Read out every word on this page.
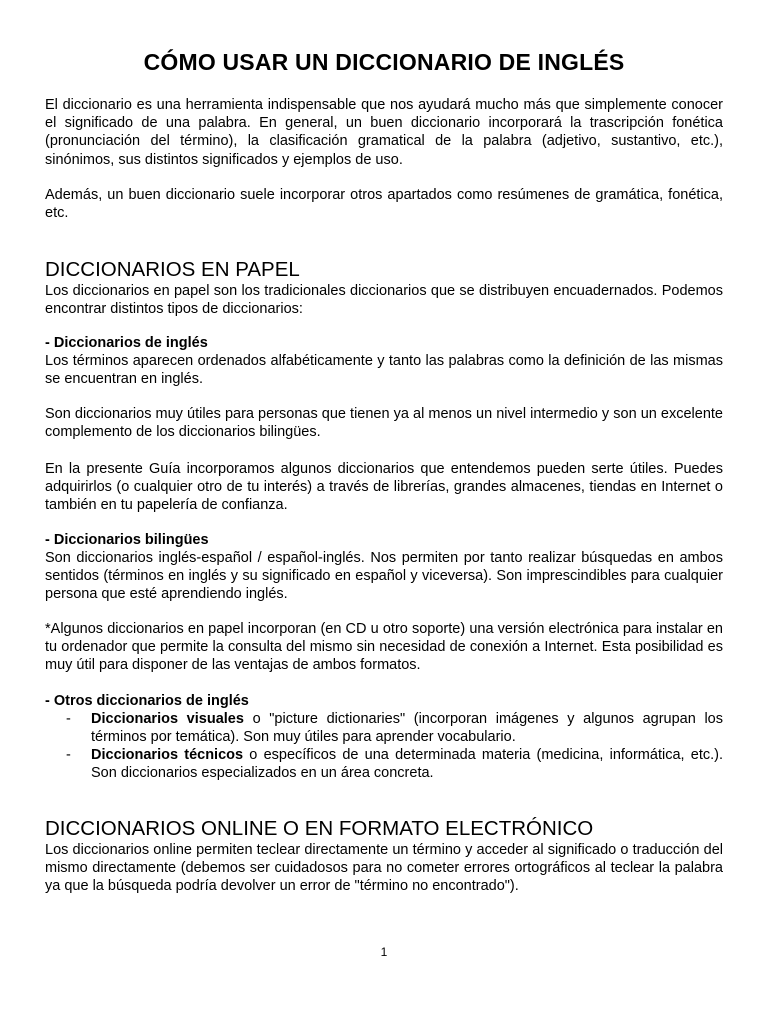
CÓMO USAR UN DICCIONARIO DE INGLÉS

El diccionario es una herramienta indispensable que nos ayudará mucho más que simplemente conocer el significado de una palabra. En general, un buen diccionario incorporará la trascripción fonética (pronunciación del término), la clasificación gramatical de la palabra (adjetivo, sustantivo, etc.), sinónimos, sus distintos significados y ejemplos de uso.

Además, un buen diccionario suele incorporar otros apartados como resúmenes de gramática, fonética, etc.

DICCIONARIOS EN PAPEL

Los diccionarios en papel son los tradicionales diccionarios que se distribuyen encuadernados. Podemos encontrar distintos tipos de diccionarios:

- Diccionarios de inglés

Los términos aparecen ordenados alfabéticamente y tanto las palabras como la definición de las mismas se encuentran en inglés.

Son diccionarios muy útiles para personas que tienen ya al menos un nivel intermedio y son un excelente complemento de los diccionarios bilingües.

En la presente Guía incorporamos algunos diccionarios que entendemos pueden serte útiles. Puedes adquirirlos (o cualquier otro de tu interés) a través de librerías, grandes almacenes, tiendas en Internet o también en tu papelería de confianza.

- Diccionarios bilingües

Son diccionarios inglés-español / español-inglés. Nos permiten por tanto realizar búsquedas en ambos sentidos (términos en inglés y su significado en español y viceversa). Son imprescindibles para cualquier persona que esté aprendiendo inglés.

*Algunos diccionarios en papel incorporan (en CD u otro soporte) una versión electrónica para instalar en tu ordenador que permite la consulta del mismo sin necesidad de conexión a Internet. Esta posibilidad es muy útil para disponer de las ventajas de ambos formatos.

- Otros diccionarios de inglés

- Diccionarios visuales o "picture dictionaries" (incorporan imágenes y algunos agrupan los términos por temática). Son muy útiles para aprender vocabulario.

- Diccionarios técnicos o específicos de una determinada materia (medicina, informática, etc.). Son diccionarios especializados en un área concreta.

DICCIONARIOS ONLINE O EN FORMATO ELECTRÓNICO

Los diccionarios online permiten teclear directamente un término y acceder al significado o traducción del mismo directamente (debemos ser cuidadosos para no cometer errores ortográficos al teclear la palabra ya que la búsqueda podría devolver un error de "término no encontrado").

1
